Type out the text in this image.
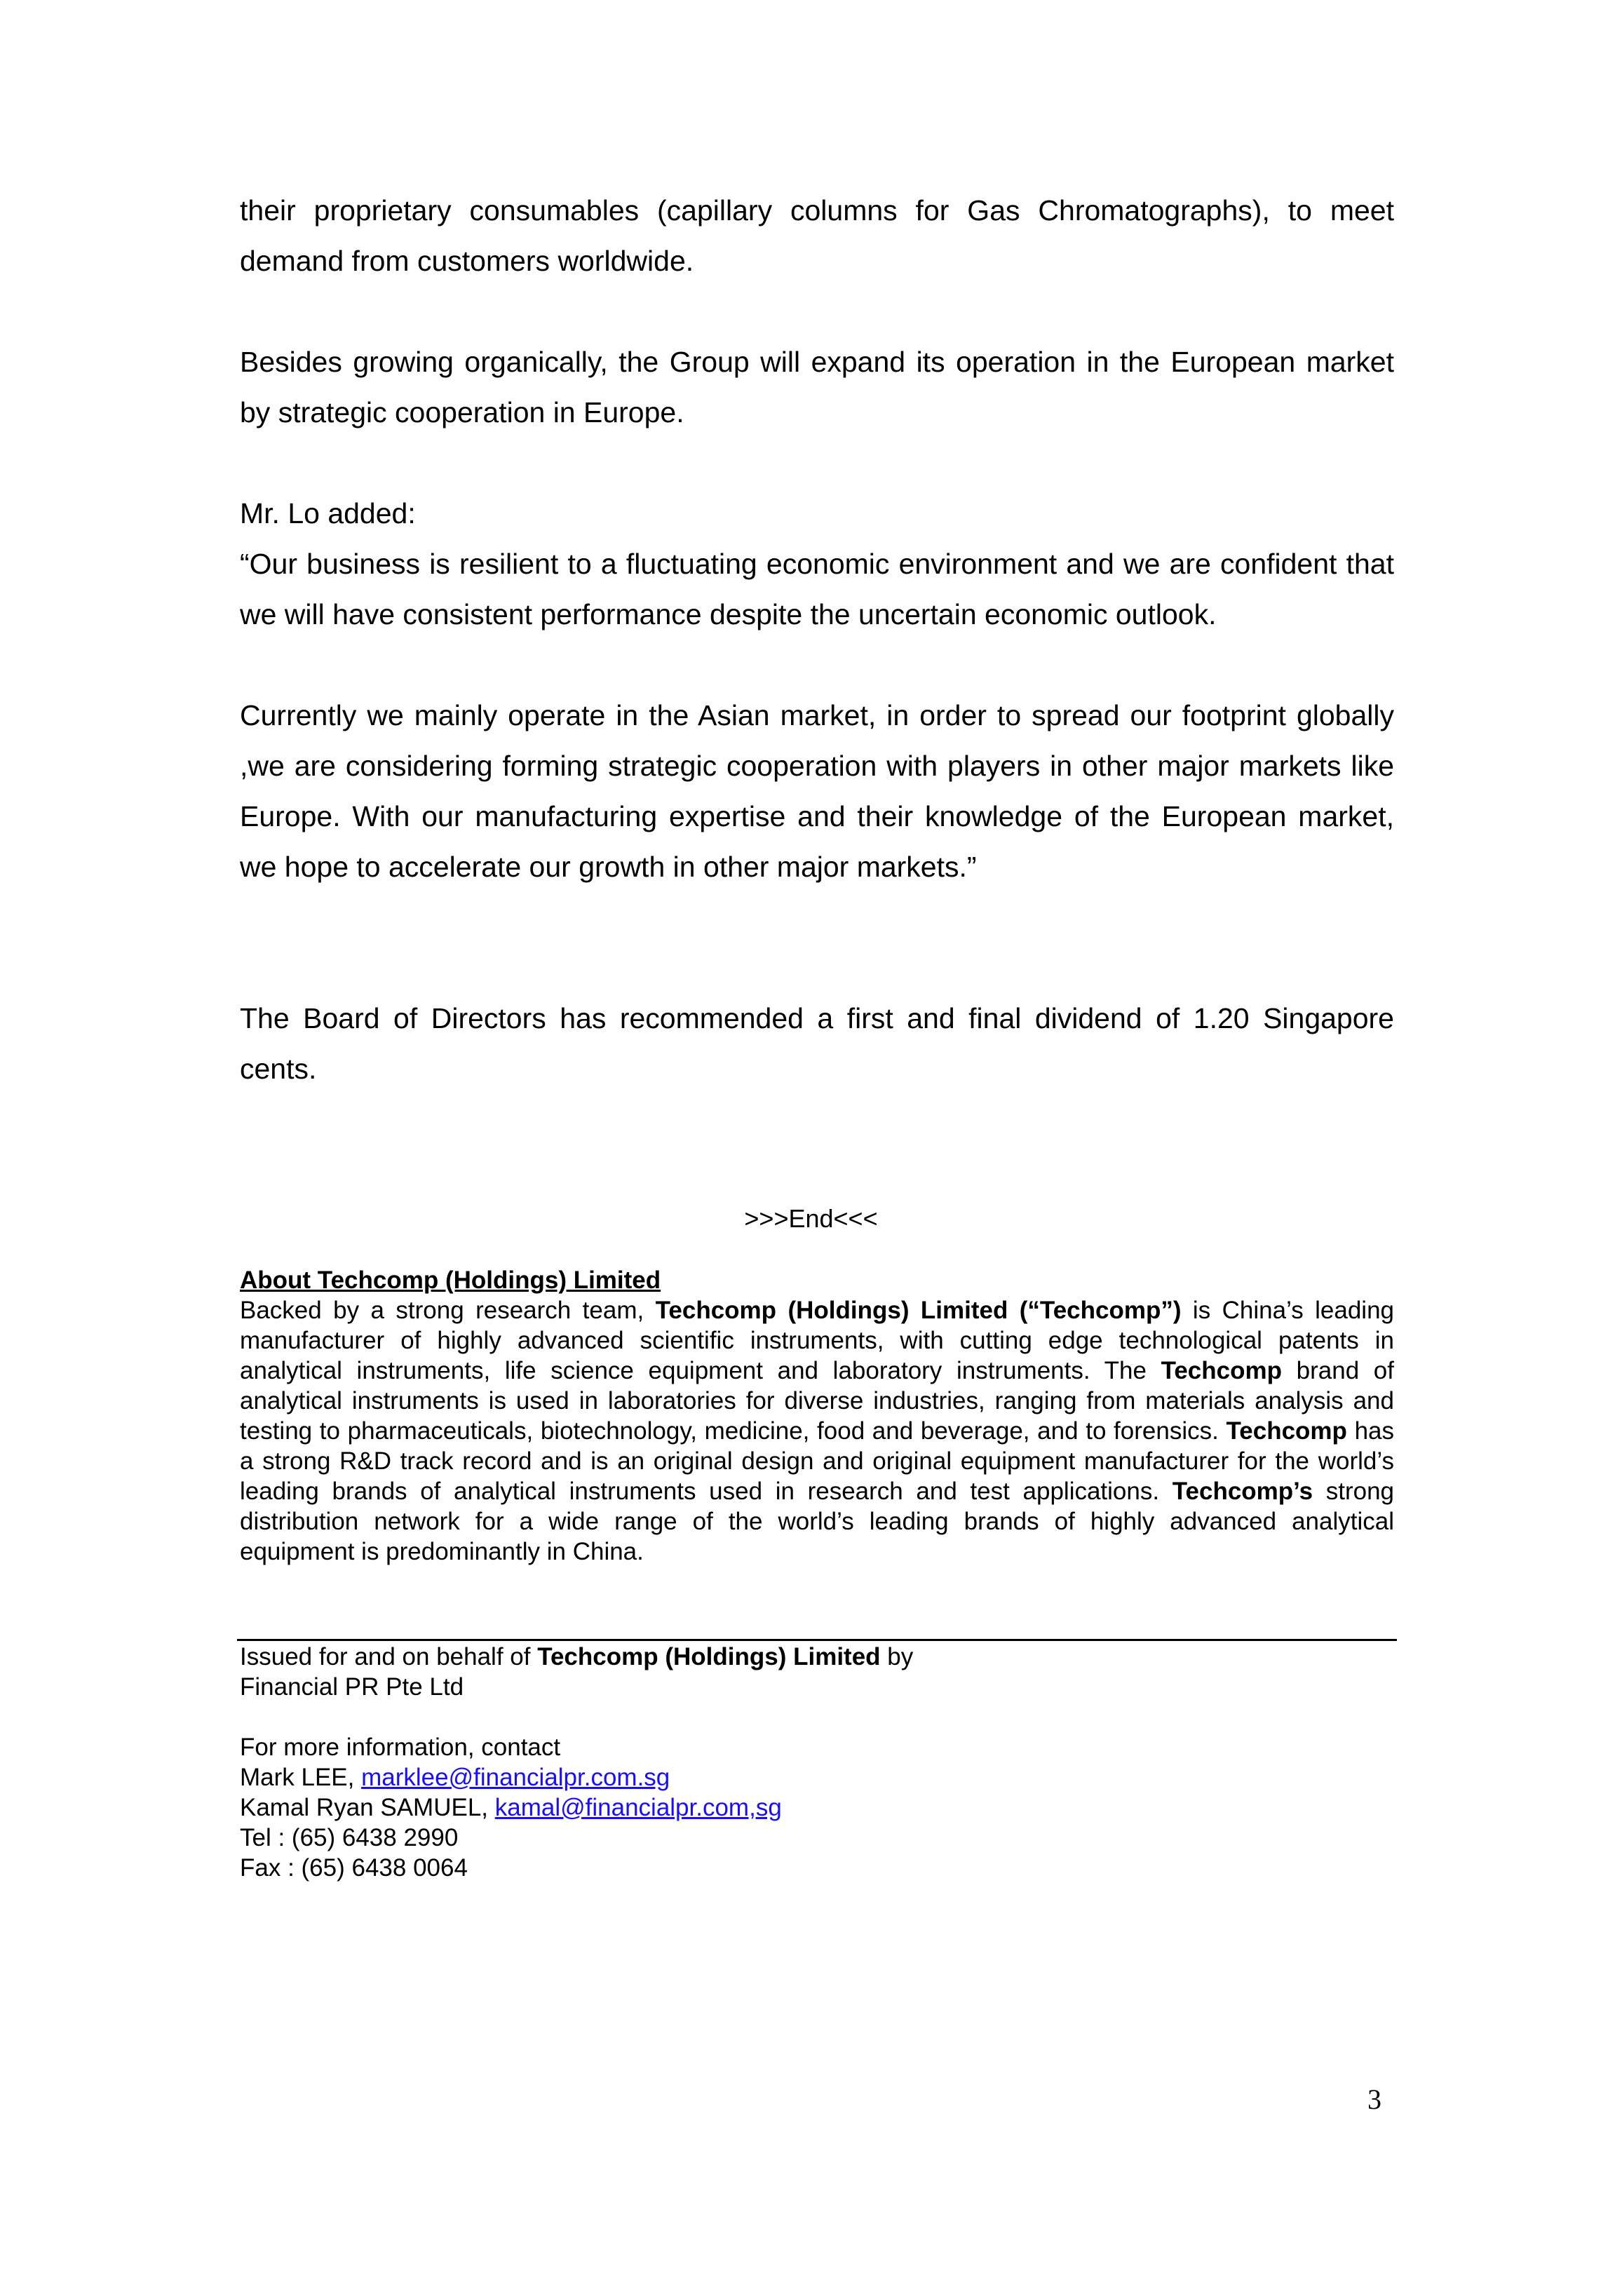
their proprietary consumables (capillary columns for Gas Chromatographs), to meet demand from customers worldwide.

Besides growing organically, the Group will expand its operation in the European market by strategic cooperation in Europe.

Mr. Lo added:

“Our business is resilient to a fluctuating economic environment and we are confident that we will have consistent performance despite the uncertain economic outlook.

Currently we mainly operate in the Asian market, in order to spread our footprint globally ,we are considering forming strategic cooperation with players in other major markets like Europe. With our manufacturing expertise and their knowledge of the European market, we hope to accelerate our growth in other major markets.”

The Board of Directors has recommended a first and final dividend of 1.20 Singapore cents.

>>>End<<<

About Techcomp (Holdings) Limited

Backed by a strong research team, Techcomp (Holdings) Limited (“Techcomp”) is China’s leading manufacturer of highly advanced scientific instruments, with cutting edge technological patents in analytical instruments, life science equipment and laboratory instruments. The Techcomp brand of analytical instruments is used in laboratories for diverse industries, ranging from materials analysis and testing to pharmaceuticals, biotechnology, medicine, food and beverage, and to forensics. Techcomp has a strong R&D track record and is an original design and original equipment manufacturer for the world’s leading brands of analytical instruments used in research and test applications. Techcomp’s strong distribution network for a wide range of the world’s leading brands of highly advanced analytical equipment is predominantly in China.

Issued for and on behalf of Techcomp (Holdings) Limited by

Financial PR Pte Ltd

For more information, contact

Mark LEE, marklee@financialpr.com.sg

Kamal Ryan SAMUEL, kamal@financialpr.com,sg

Tel : (65) 6438 2990

Fax : (65) 6438 0064

3
